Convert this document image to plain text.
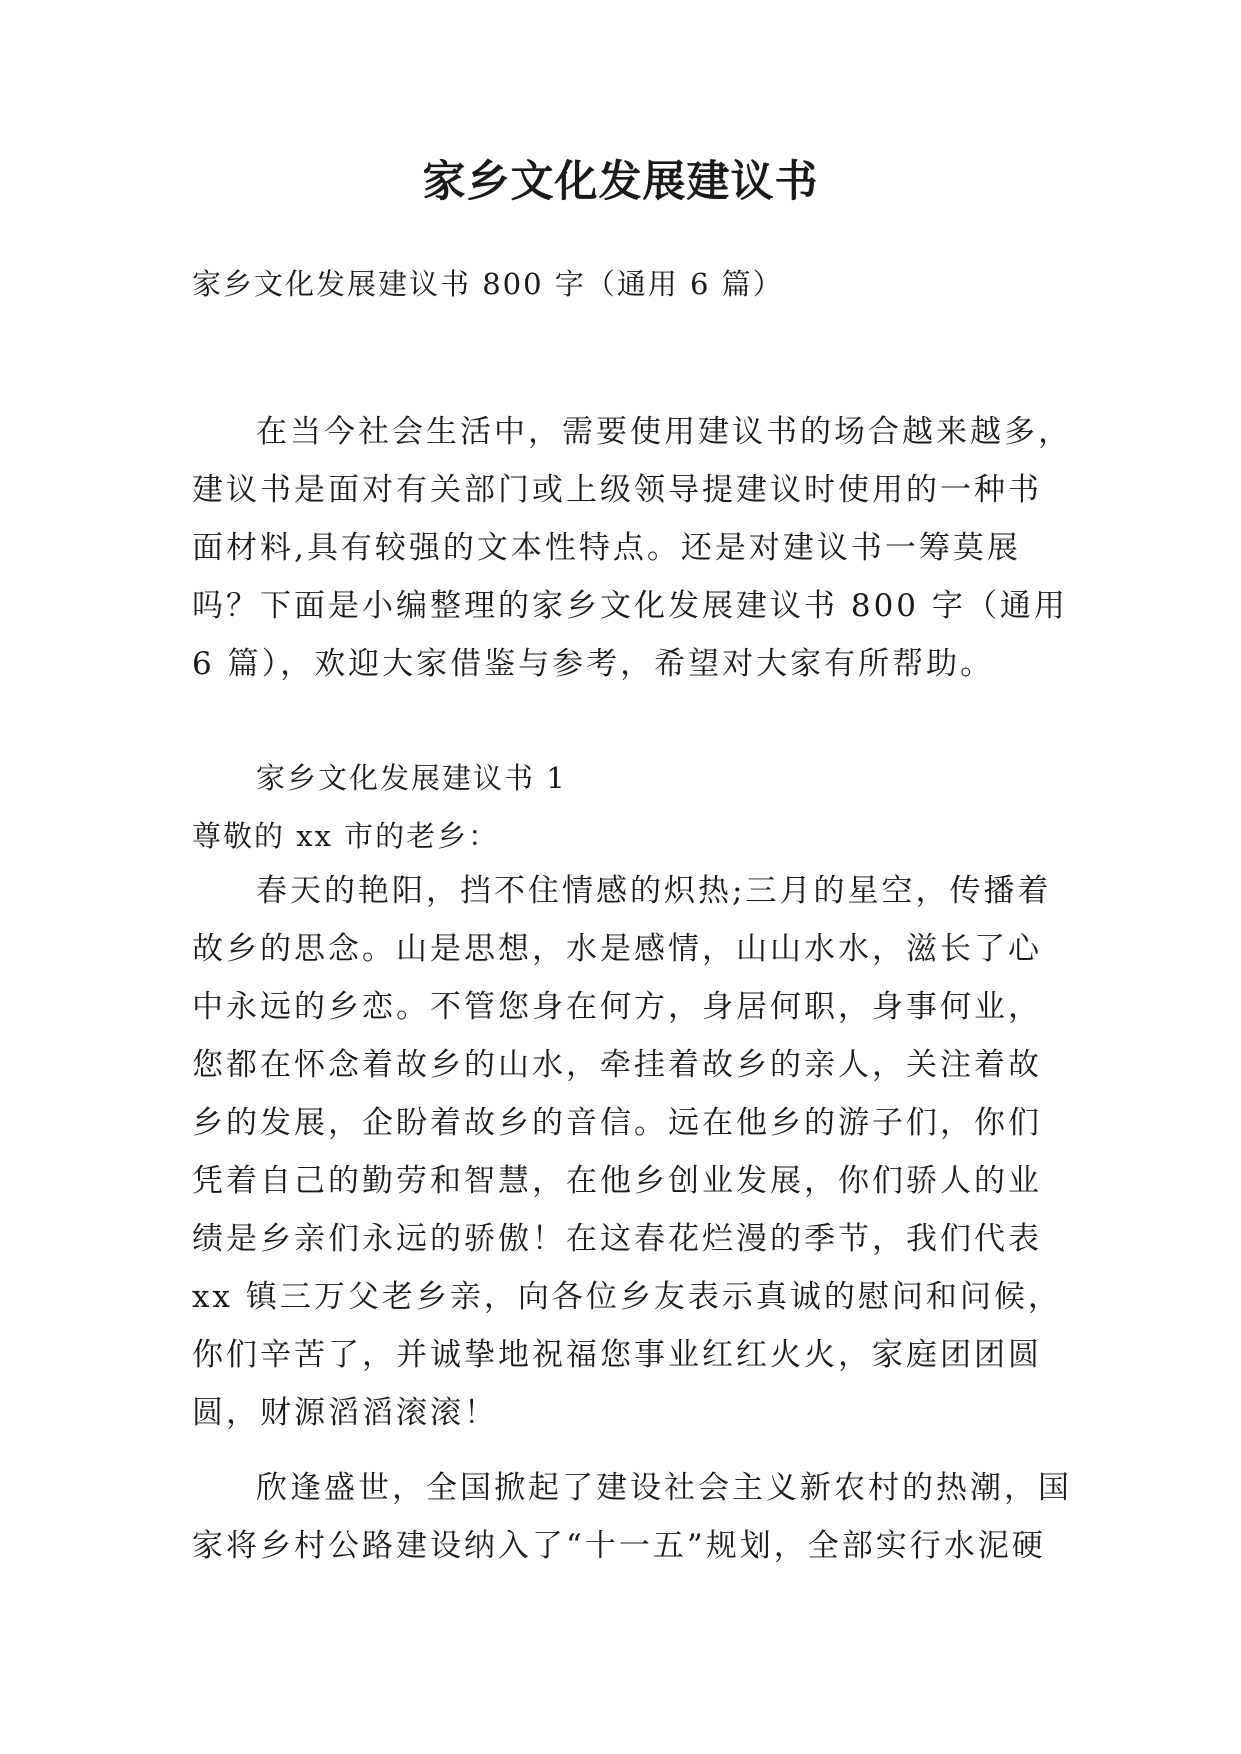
家乡文化发展建议书

家乡文化发展建议书 800 字（通用 6 篇）

在当今社会生活中，需要使用建议书的场合越来越多，建议书是面对有关部门或上级领导提建议时使用的一种书面材料,具有较强的文本性特点。还是对建议书一筹莫展吗？下面是小编整理的家乡文化发展建议书 800 字（通用 6 篇），欢迎大家借鉴与参考，希望对大家有所帮助。

家乡文化发展建议书 1

尊敬的 xx 市的老乡：

春天的艳阳，挡不住情感的炽热;三月的星空，传播着故乡的思念。山是思想，水是感情，山山水水，滋长了心中永远的乡恋。不管您身在何方，身居何职，身事何业，您都在怀念着故乡的山水，牵挂着故乡的亲人，关注着故乡的发展，企盼着故乡的音信。远在他乡的游子们，你们凭着自己的勤劳和智慧，在他乡创业发展，你们骄人的业绩是乡亲们永远的骄傲！在这春花烂漫的季节，我们代表 xx 镇三万父老乡亲，向各位乡友表示真诚的慰问和问候，你们辛苦了，并诚挚地祝福您事业红红火火，家庭团团圆圆，财源滔滔滚滚！

欣逢盛世，全国掀起了建设社会主义新农村的热潮，国家将乡村公路建设纳入了“十一五”规划，全部实行水泥硬
